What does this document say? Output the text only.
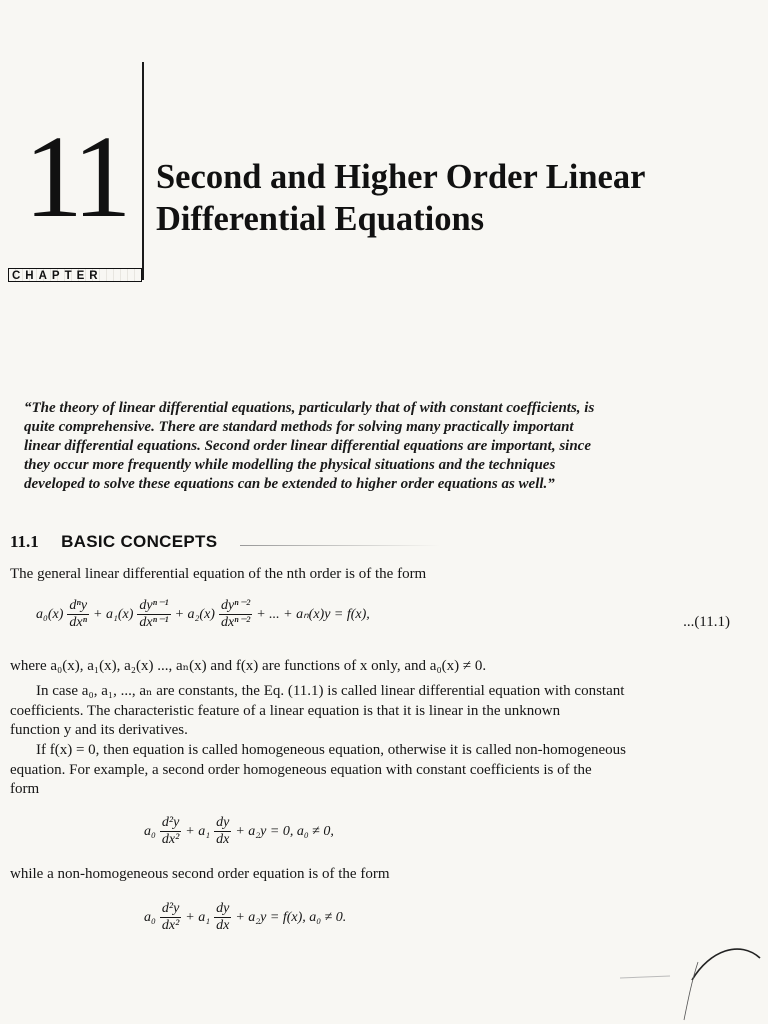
11
CHAPTER
Second and Higher Order Linear
Differential Equations
“The theory of linear differential equations, particularly that of with constant coefficients, is
quite comprehensive. There are standard methods for solving many practically important
linear differential equations. Second order linear differential equations are important, since
they occur more frequently while modelling the physical situations and the techniques
developed to solve these equations can be extended to higher order equations as well.”
11.1 BASIC CONCEPTS
The general linear differential equation of the nth order is of the form
$a_0(x) \frac{\text{dⁿy}}{\text{dxⁿ}} + a_1(x) \frac{\text{dyⁿ⁻¹}}{\text{dxⁿ⁻¹}} + a_2(x) \frac{\text{dyⁿ⁻²}}{\text{dxⁿ⁻²}}$ + ... + aₙ(x)y = f(x),	...(11.1)
where a₀(x), a₁(x), a₂(x) ..., aₙ(x) and f(x) are functions of x only, and a₀(x) ≠ 0.
In case a₀, a₁, ..., aₙ are constants, the Eq. (11.1) is called linear differential equation with constant
coefficients. The characteristic feature of a linear equation is that it is linear in the unknown
function y and its derivatives.
If f(x) = 0, then equation is called homogeneous equation, otherwise it is called non-homogeneous
equation. For example, a second order homogeneous equation with constant coefficients is of the
form
$a_0 \frac{\text{d²y}}{\text{dx²}} + a_1 \frac{dy}{dx} + a_2y = 0$, a₀ ≠ 0,
while a non-homogeneous second order equation is of the form
$a_0 \frac{\text{d²y}}{\text{dx²}} + a_1 \frac{dy}{dx} + a_2y = f(x)$, a₀ ≠ 0.
